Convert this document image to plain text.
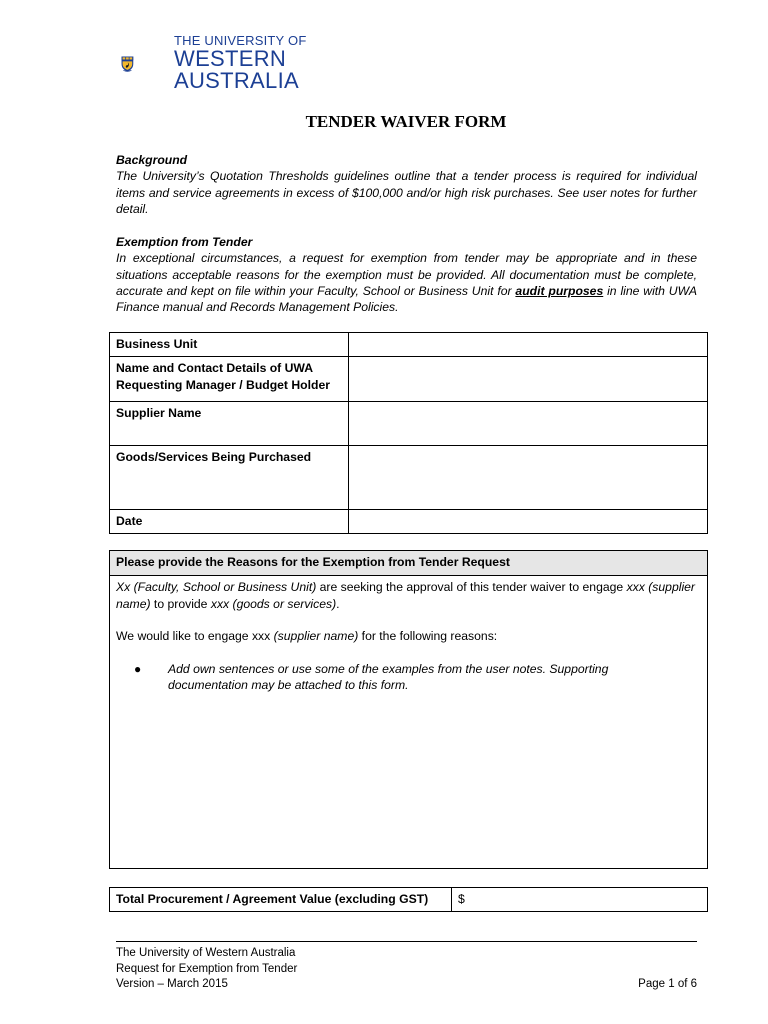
THE UNIVERSITY OF
WESTERN
AUSTRALIA
TENDER WAIVER FORM
Background
The University’s Quotation Thresholds guidelines outline that a tender process is required for individual items and service agreements in excess of $100,000 and/or high risk purchases. See user notes for further detail.
Exemption from Tender
In exceptional circumstances, a request for exemption from tender may be appropriate and in these situations acceptable reasons for the exemption must be provided. All documentation must be complete, accurate and kept on file within your Faculty, School or Business Unit for audit purposes in line with UWA Finance manual and Records Management Policies.
Business Unit	
Name and Contact Details of UWA Requesting Manager / Budget Holder	
Supplier Name	
Goods/Services Being Purchased	
Date	
Please provide the Reasons for the Exemption from Tender Request

Xx (Faculty, School or Business Unit) are seeking the approval of this tender waiver to engage xxx (supplier name) to provide xxx (goods or services).

We would like to engage xxx (supplier name) for the following reasons:

●	Add own sentences or use some of the examples from the user notes. Supporting documentation may be attached to this form.
Total Procurement / Agreement Value (excluding GST)	$
The University of Western Australia
Request for Exemption from Tender
Version – March 2015	Page 1 of 6
